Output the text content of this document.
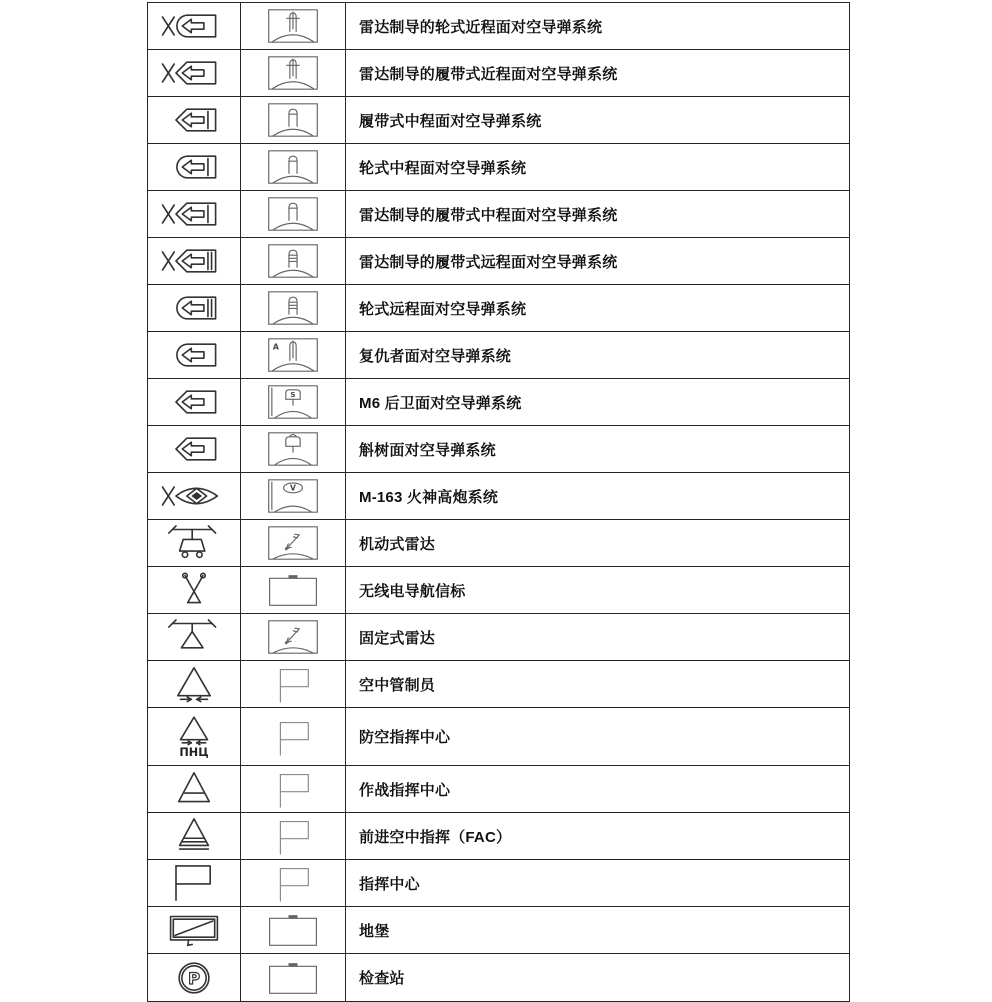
雷达制导的轮式近程面对空导弹系统
雷达制导的履带式近程面对空导弹系统
履带式中程面对空导弹系统
轮式中程面对空导弹系统
雷达制导的履带式中程面对空导弹系统
雷达制导的履带式远程面对空导弹系统
轮式远程面对空导弹系统
A
复仇者面对空导弹系统
S	M6 后卫面对空导弹系统
斛树面对空导弹系统
V
M-163 火神高炮系统
机动式雷达
无线电导航信标
固定式雷达
空中管制员
ПНЦ
防空指挥中心
作战指挥中心
前进空中指挥（FAC）
指挥中心
地堡
P	检查站
